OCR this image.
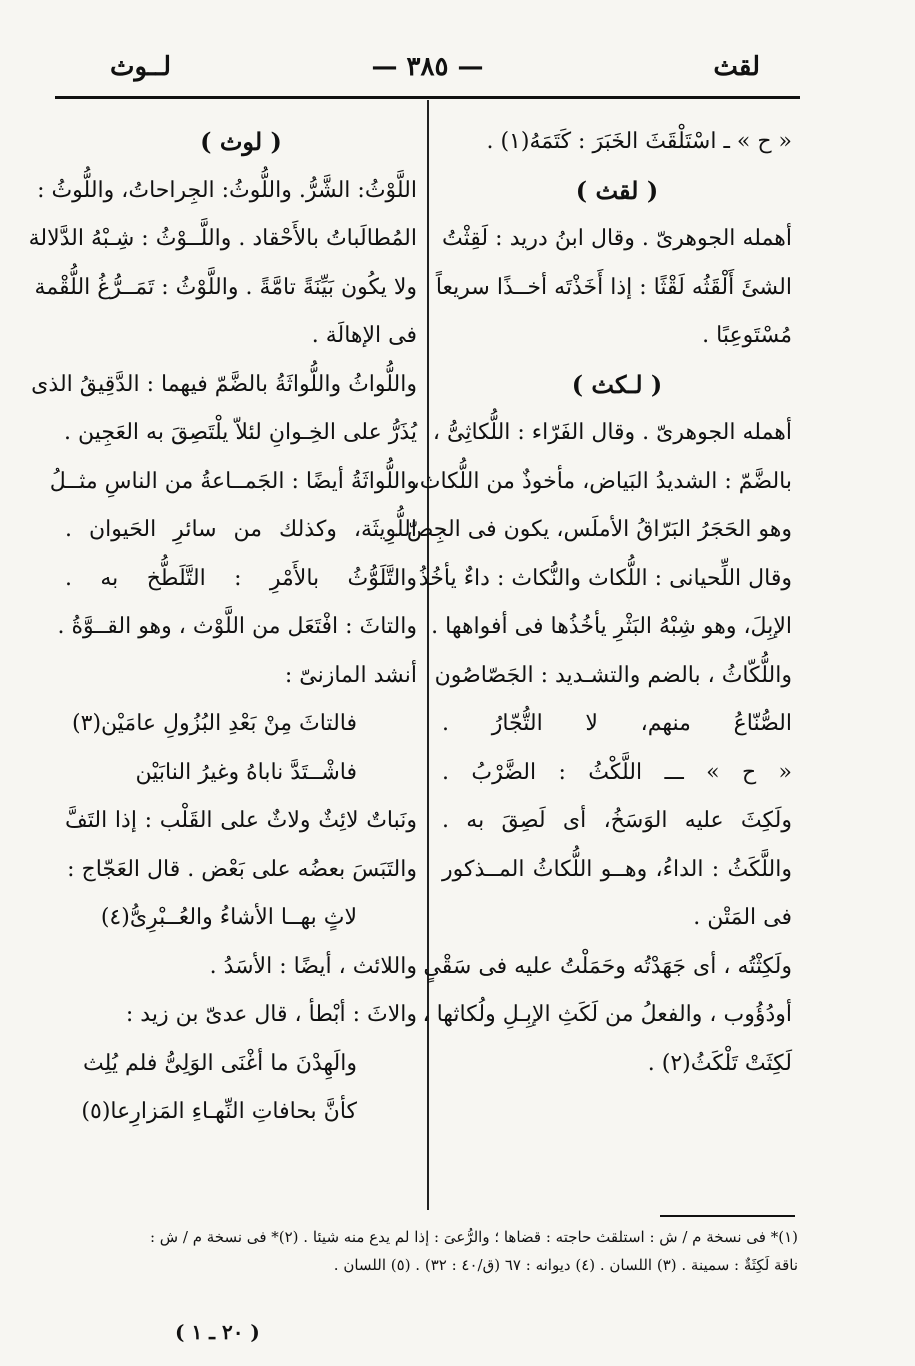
لقث
— ٣٨٥ —
لــوث
« ح » ـ اسْتَلْقَثَ الخَبَرَ : كَتَمَهُ(١) .
( لقث )
أهمله الجوهرىّ . وقال ابنُ دريد : لَقِثْتُ
الشئَ أَلْقَثُه لَقْثًا : إذا أَخَذْتَه أخــذًا سريعاً
مُسْتَوعِبًا .
( لـكث )
أهمله الجوهرىّ . وقال الفَرّاء : اللُّكاثِىُّ ،
بالضَّمّ : الشديدُ البَياض، مأخوذٌ من اللُّكاث،
وهو الحَجَرُ البَرّاقُ الأملَس، يكون فى الجِصّ .
وقال اللِّحيانى : اللُّكاث والنُّكاث : داءٌ يأخُذُ
الإبِلَ، وهو شِبْهُ البَثْرِ يأخُذُها فى أفواهها .
واللُّكّاثُ ، بالضم والتشـديد : الجَصّاصُون
الصُّنّاعُ منهم، لا التُّجّارُ .
« ح » ـــ اللَّكْثُ : الضَّرْبُ .
ولَكِثَ عليه الوَسَخُ، أى لَصِقَ به .
واللَّكَثُ : الداءُ، وهــو اللُّكاثُ المــذكور
فى المَتْن .
ولَكِثْتُه ، أى جَهَدْتُه وحَمَلْتُ عليه فى سَقْىٍ
أودُؤُوب ، والفعلُ من لَكَثِ الإبِـلِ ولُكاثها ،
لَكِثَتْ تَلْكَثُ(٢) .
( لوث )
اللَّوْثُ: الشَّرُّ. واللُّوثُ: الجِراحاتُ، واللُّوثُ :
المُطالَباتُ بالأَحْقاد . واللَّــوْثُ : شِـبْهُ الدَّلالة
ولا يكُون بَيِّنَةً تامَّةً . واللَّوْثُ : تَمَــرُّغُ اللُّقْمة
فى الإهالَة .
واللُّواثُ واللُّواثَةُ بالضَّمّ فيهما : الدَّقِيقُ الذى
يُذَرُّ على الخِـوانِ لئلاّ يلْتَصِقَ به العَجِين .
واللُّواثَةُ أيضًا : الجَمــاعةُ من الناسِ مثــلُ
اللُّوِيثَة، وكذلك من سائرِ الحَيوان .
والتَّلَوُّثُ بالأَمْرِ : التَّلَطُّخ به .
والتاثَ : افْتَعَل من اللَّوْث ، وهو القــوَّةُ .
أنشد المازنىّ :
فالتاثَ مِنْ بَعْدِ البُزُولِ عامَيْن(٣)
فاشْــتَدَّ ناباهُ وغيرُ النابَيْن
ونَباتٌ لائِثٌ ولاثٌ على القَلْب : إذا التَفَّ
والتَبَسَ بعضُه على بَعْض . قال العَجّاج :
لاثٍ بهــا الأشاءُ والعُــبْرِىُّ(٤)
واللائث ، أيضًا : الأسَدُ .
والاثَ : أبْطأ ، قال عدىّ بن زيد :
والَهِدْنَ ما أغْنَى الوَلِىُّ فلم يُلِث
كأنَّ بحافاتِ النِّهـاءِ المَزارِعا(٥)
(١)* فى نسخة م / ش : استلقث حاجته : قضاها ؛ والرُّعىَ : إذا لم يدع منه شيئا . (٢)* فى نسخة م / ش :
ناقة لَكِثَةٌ : سمينة . (٣) اللسان . (٤) ديوانه : ٦٧ (ق/٤٠ : ٣٢) . (٥) اللسان .
( ٢٠ ـ ١ )
